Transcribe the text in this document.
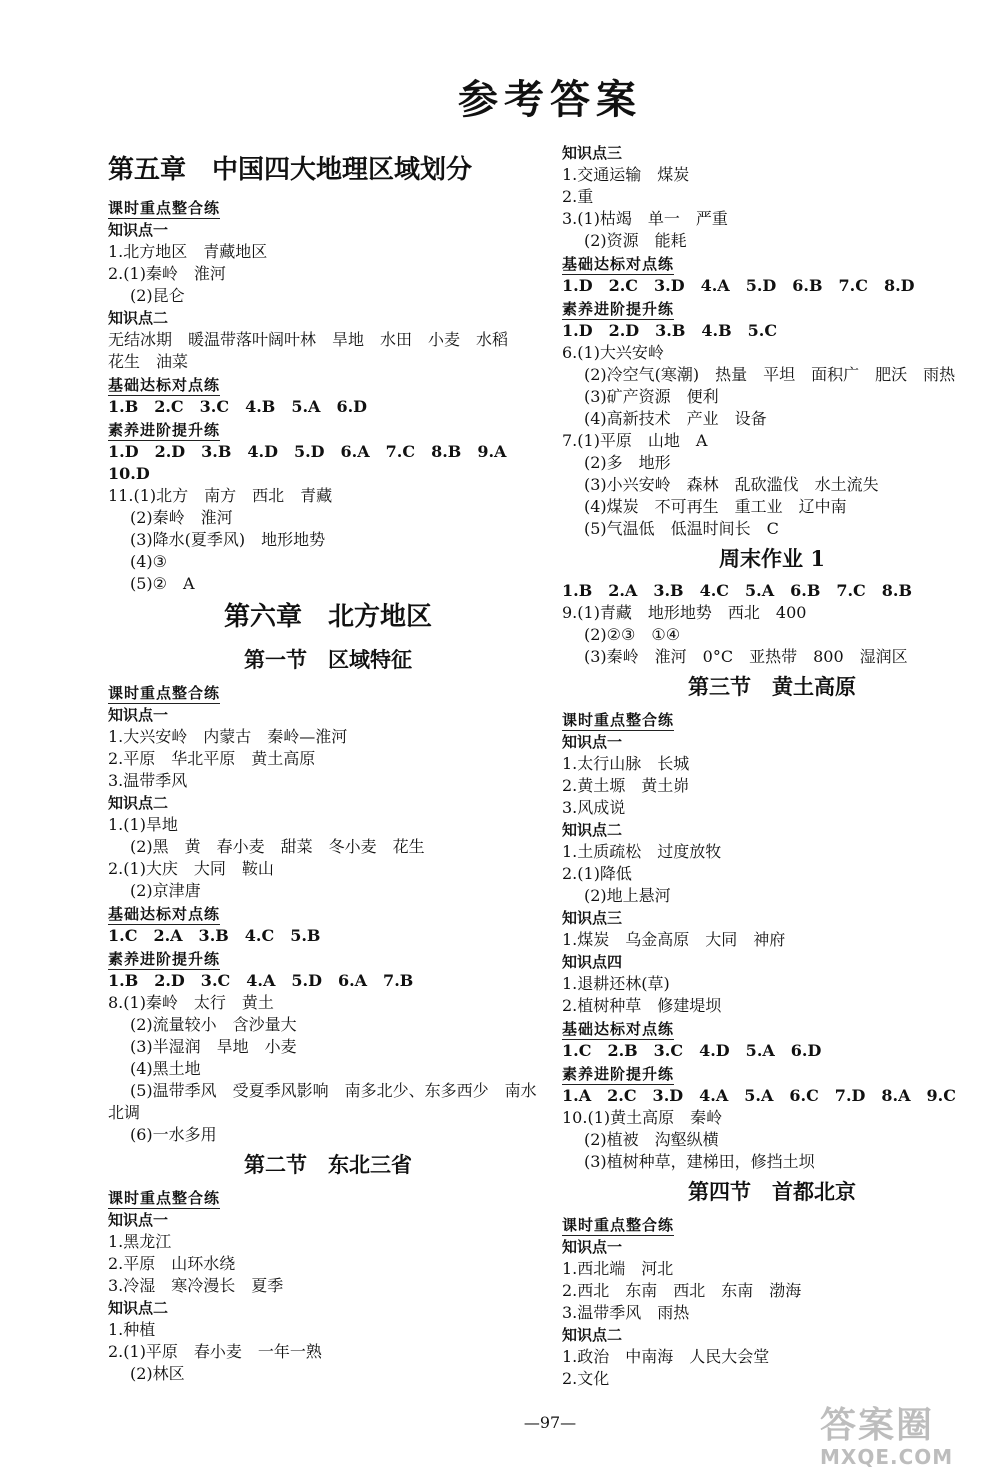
参考答案
第五章　中国四大地理区域划分
课时重点整合练
知识点一
1.北方地区　青藏地区
2.(1)秦岭　淮河
(2)昆仑
知识点二
无结冰期　暖温带落叶阔叶林　旱地　水田　小麦　水稻
花生　油菜
基础达标对点练
1.B　2.C　3.C　4.B　5.A　6.D
素养进阶提升练
1.D　2.D　3.B　4.D　5.D　6.A　7.C　8.B　9.A
10.D
11.(1)北方　南方　西北　青藏
(2)秦岭　淮河
(3)降水(夏季风)　地形地势
(4)③
(5)②　A
第六章　北方地区
第一节　区域特征
课时重点整合练
知识点一
1.大兴安岭　内蒙古　秦岭—淮河
2.平原　华北平原　黄土高原
3.温带季风
知识点二
1.(1)旱地
(2)黑　黄　春小麦　甜菜　冬小麦　花生
2.(1)大庆　大同　鞍山
(2)京津唐
基础达标对点练
1.C　2.A　3.B　4.C　5.B
素养进阶提升练
1.B　2.D　3.C　4.A　5.D　6.A　7.B
8.(1)秦岭　太行　黄土
(2)流量较小　含沙量大
(3)半湿润　旱地　小麦
(4)黑土地
(5)温带季风　受夏季风影响　南多北少、东多西少　南水
北调
(6)一水多用
第二节　东北三省
课时重点整合练
知识点一
1.黑龙江
2.平原　山环水绕
3.冷湿　寒冷漫长　夏季
知识点二
1.种植
2.(1)平原　春小麦　一年一熟
(2)林区
知识点三
1.交通运输　煤炭
2.重
3.(1)枯竭　单一　严重
(2)资源　能耗
基础达标对点练
1.D　2.C　3.D　4.A　5.D　6.B　7.C　8.D
素养进阶提升练
1.D　2.D　3.B　4.B　5.C
6.(1)大兴安岭
(2)冷空气(寒潮)　热量　平坦　面积广　肥沃　雨热
(3)矿产资源　便利
(4)高新技术　产业　设备
7.(1)平原　山地　A
(2)多　地形
(3)小兴安岭　森林　乱砍滥伐　水土流失
(4)煤炭　不可再生　重工业　辽中南
(5)气温低　低温时间长　C
周末作业 1
1.B　2.A　3.B　4.C　5.A　6.B　7.C　8.B
9.(1)青藏　地形地势　西北　400
(2)②③　①④
(3)秦岭　淮河　0°C　亚热带　800　湿润区
第三节　黄土高原
课时重点整合练
知识点一
1.太行山脉　长城
2.黄土塬　黄土峁
3.风成说
知识点二
1.土质疏松　过度放牧
2.(1)降低
(2)地上悬河
知识点三
1.煤炭　乌金高原　大同　神府
知识点四
1.退耕还林(草)
2.植树种草　修建堤坝
基础达标对点练
1.C　2.B　3.C　4.D　5.A　6.D
素养进阶提升练
1.A　2.C　3.D　4.A　5.A　6.C　7.D　8.A　9.C
10.(1)黄土高原　秦岭
(2)植被　沟壑纵横
(3)植树种草，建梯田，修挡土坝
第四节　首都北京
课时重点整合练
知识点一
1.西北端　河北
2.西北　东南　西北　东南　渤海
3.温带季风　雨热
知识点二
1.政治　中南海　人民大会堂
2.文化
—97—	答案圈
MXQE.COM
